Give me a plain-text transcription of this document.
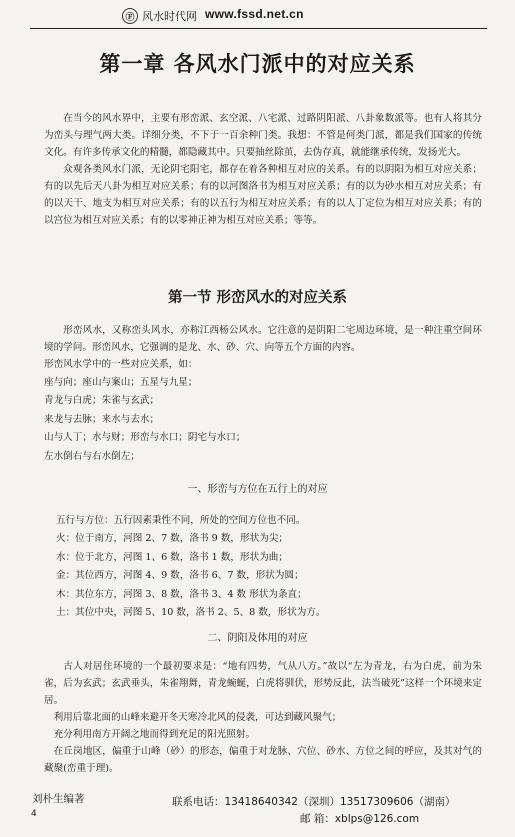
Ⓕ 风水时代网 www.fssd.net.cn
第一章 各风水门派中的对应关系

在当今的风水界中，主要有形峦派、玄空派、八宅派、过路阴阳派、八卦象数派等。也有人将其分为峦头与理气两大类。详细分类，不下于一百余种门类。我想：不管是何类门派，都是我们国家的传统文化。有许多传承文化的精髓，都隐藏其中。只要抽丝除茧，去伪存真，就能继承传统，发扬光大。

众观各类风水门派，无论阴宅阳宅，都存在着各种相互对应的关系。有的以阴阳为相互对应关系；有的以先后天八卦为相互对应关系；有的以河图洛书为相互对应关系；有的以为砂水相互对应关系；有的以天干、地支为相互对应关系；有的以五行为相互对应关系；有的以人丁定位为相互对应关系；有的以宫位为相互对应关系；有的以零神正神为相互对应关系；等等。

第一节 形峦风水的对应关系

形峦风水，又称峦头风水，亦称江西杨公风水。它注意的是阴阳二宅周边环境，是一种注重空间环境的学问。形峦风水，它强调的是龙、水、砂、穴、向等五个方面的内容。

形峦风水学中的一些对应关系，如：

座与向；座山与案山；五星与九星；
青龙与白虎；朱雀与玄武；
来龙与去脉；来水与去水；
山与人丁；水与财；形峦与水口；阴宅与水口；
左水倒右与右水倒左；
一、形峦与方位在五行上的对应
五行与方位：五行因素秉性不同，所处的空间方位也不同。
火：位于南方，河图 2、7 数，洛书 9 数，形状为尖；
水：位于北方，河图 1、6 数，洛书 1 数，形状为曲；
金：其位西方，河图 4、9 数，洛书 6、7 数，形状为圆；
木：其位东方，河图 3、8 数，洛书 3、4 数 形状为条直；
土：其位中央，河图 5、10 数，洛书 2、5、8 数，形状为方。
二、阴阳及体用的对应

古人对居住环境的一个最初要求是：“地有四势，气从八方。”故以“左为青龙，右为白虎，前为朱雀，后为玄武；玄武垂头，朱雀翔舞，青龙蜿蜒，白虎将驯伏，形势反此，法当破死”这样一个环境来定居。

利用后靠北面的山峰来避开冬天寒冷北风的侵袭，可达到藏风聚气；

充分利用南方开阔之地而得到充足的阳光照射。

在丘岗地区，偏重于山峰（砂）的形态，偏重于对龙脉、穴位、砂水、方位之间的呼应，及其对气的藏聚(峦重于理)。

刘朴生编著
4
联系电话：13418640342（深圳）13517309606（湖南）
邮 箱：xblps@126.com
